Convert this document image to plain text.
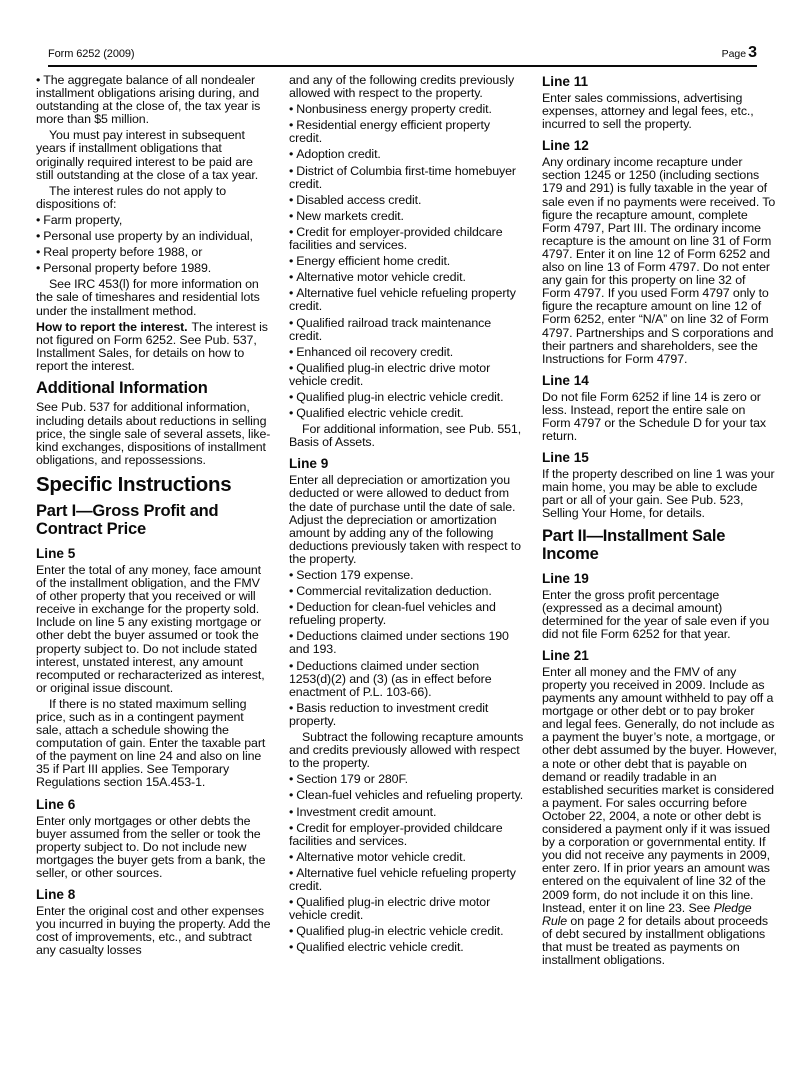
Form 6252 (2009)	Page 3

• The aggregate balance of all nondealer installment obligations arising during, and outstanding at the close of, the tax year is more than $5 million.

You must pay interest in subsequent years if installment obligations that originally required interest to be paid are still outstanding at the close of a tax year.

The interest rules do not apply to dispositions of:

• Farm property,

• Personal use property by an individual,

• Real property before 1988, or

• Personal property before 1989.

See IRC 453(l) for more information on the sale of timeshares and residential lots under the installment method.

How to report the interest. The interest is not figured on Form 6252. See Pub. 537, Installment Sales, for details on how to report the interest.

Additional Information

See Pub. 537 for additional information, including details about reductions in selling price, the single sale of several assets, like-kind exchanges, dispositions of installment obligations, and repossessions.

Specific Instructions
Part I—Gross Profit and Contract Price
Line 5

Enter the total of any money, face amount of the installment obligation, and the FMV of other property that you received or will receive in exchange for the property sold. Include on line 5 any existing mortgage or other debt the buyer assumed or took the property subject to. Do not include stated interest, unstated interest, any amount recomputed or recharacterized as interest, or original issue discount.

If there is no stated maximum selling price, such as in a contingent payment sale, attach a schedule showing the computation of gain. Enter the taxable part of the payment on line 24 and also on line 35 if Part III applies. See Temporary Regulations section 15A.453-1.

Line 6

Enter only mortgages or other debts the buyer assumed from the seller or took the property subject to. Do not include new mortgages the buyer gets from a bank, the seller, or other sources.

Line 8

Enter the original cost and other expenses you incurred in buying the property. Add the cost of improvements, etc., and subtract any casualty losses

and any of the following credits previously allowed with respect to the property.

• Nonbusiness energy property credit.

• Residential energy efficient property credit.

• Adoption credit.

• District of Columbia first-time homebuyer credit.

• Disabled access credit.

• New markets credit.

• Credit for employer-provided childcare facilities and services.

• Energy efficient home credit.

• Alternative motor vehicle credit.

• Alternative fuel vehicle refueling property credit.

• Qualified railroad track maintenance credit.

• Enhanced oil recovery credit.

• Qualified plug-in electric drive motor vehicle credit.

• Qualified plug-in electric vehicle credit.

• Qualified electric vehicle credit.

For additional information, see Pub. 551, Basis of Assets.

Line 9

Enter all depreciation or amortization you deducted or were allowed to deduct from the date of purchase until the date of sale. Adjust the depreciation or amortization amount by adding any of the following deductions previously taken with respect to the property.

• Section 179 expense.

• Commercial revitalization deduction.

• Deduction for clean-fuel vehicles and refueling property.

• Deductions claimed under sections 190 and 193.

• Deductions claimed under section 1253(d)(2) and (3) (as in effect before enactment of P.L. 103-66).

• Basis reduction to investment credit property.

Subtract the following recapture amounts and credits previously allowed with respect to the property.

• Section 179 or 280F.

• Clean-fuel vehicles and refueling property.

• Investment credit amount.

• Credit for employer-provided childcare facilities and services.

• Alternative motor vehicle credit.

• Alternative fuel vehicle refueling property credit.

• Qualified plug-in electric drive motor vehicle credit.

• Qualified plug-in electric vehicle credit.

• Qualified electric vehicle credit.

Line 11

Enter sales commissions, advertising expenses, attorney and legal fees, etc., incurred to sell the property.

Line 12

Any ordinary income recapture under section 1245 or 1250 (including sections 179 and 291) is fully taxable in the year of sale even if no payments were received. To figure the recapture amount, complete Form 4797, Part III. The ordinary income recapture is the amount on line 31 of Form 4797. Enter it on line 12 of Form 6252 and also on line 13 of Form 4797. Do not enter any gain for this property on line 32 of Form 4797. If you used Form 4797 only to figure the recapture amount on line 12 of Form 6252, enter “N/A” on line 32 of Form 4797. Partnerships and S corporations and their partners and shareholders, see the Instructions for Form 4797.

Line 14

Do not file Form 6252 if line 14 is zero or less. Instead, report the entire sale on Form 4797 or the Schedule D for your tax return.

Line 15

If the property described on line 1 was your main home, you may be able to exclude part or all of your gain. See Pub. 523, Selling Your Home, for details.

Part II—Installment Sale Income
Line 19

Enter the gross profit percentage (expressed as a decimal amount) determined for the year of sale even if you did not file Form 6252 for that year.

Line 21

Enter all money and the FMV of any property you received in 2009. Include as payments any amount withheld to pay off a mortgage or other debt or to pay broker and legal fees. Generally, do not include as a payment the buyer’s note, a mortgage, or other debt assumed by the buyer. However, a note or other debt that is payable on demand or readily tradable in an established securities market is considered a payment. For sales occurring before October 22, 2004, a note or other debt is considered a payment only if it was issued by a corporation or governmental entity. If you did not receive any payments in 2009, enter zero. If in prior years an amount was entered on the equivalent of line 32 of the 2009 form, do not include it on this line. Instead, enter it on line 23. See Pledge Rule on page 2 for details about proceeds of debt secured by installment obligations that must be treated as payments on installment obligations.
